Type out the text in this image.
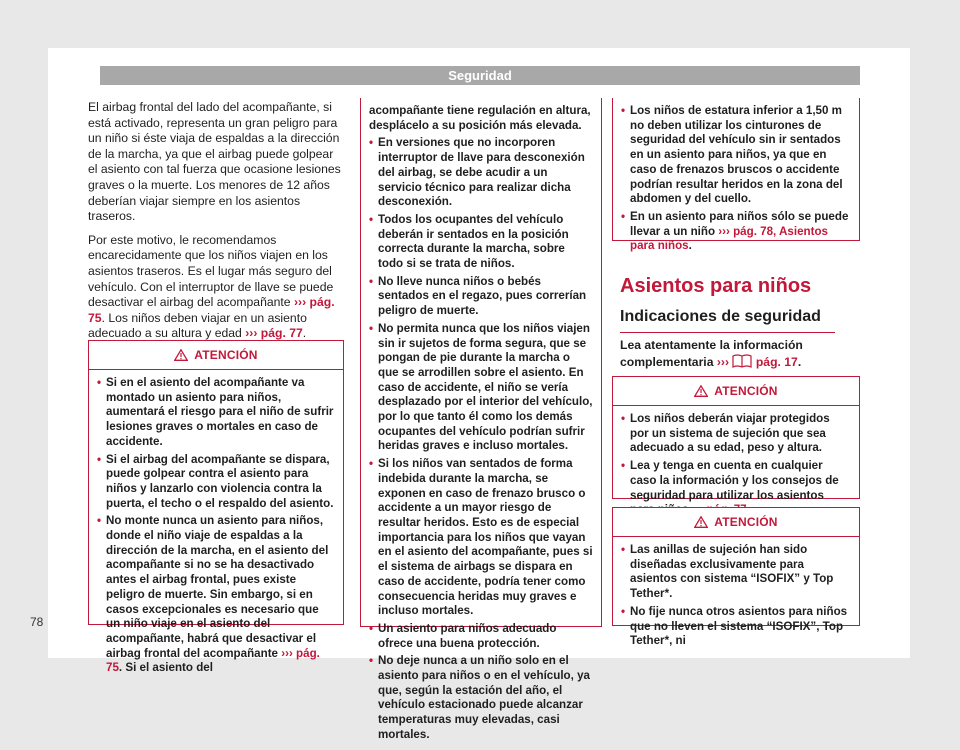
Seguridad

El airbag frontal del lado del acompañante, si está activado, representa un gran peligro para un niño si éste viaja de espaldas a la dirección de la marcha, ya que el airbag puede golpear el asiento con tal fuerza que ocasione lesiones graves o la muerte. Los menores de 12 años deberían viajar siempre en los asientos traseros.

Por este motivo, le recomendamos encarecidamente que los niños viajen en los asientos traseros. Es el lugar más seguro del vehículo. Con el interruptor de llave se puede desactivar el airbag del acompañante ››› pág. 75. Los niños deben viajar en un asiento adecuado a su altura y edad ››› pág. 77.

ATENCIÓN
• Si en el asiento del acompañante va montado un asiento para niños, aumentará el riesgo para el niño de sufrir lesiones graves o mortales en caso de accidente.
• Si el airbag del acompañante se dispara, puede golpear contra el asiento para niños y lanzarlo con violencia contra la puerta, el techo o el respaldo del asiento.
• No monte nunca un asiento para niños, donde el niño viaje de espaldas a la dirección de la marcha, en el asiento del acompañante si no se ha desactivado antes el airbag frontal, pues existe peligro de muerte. Sin embargo, si en casos excepcionales es necesario que un niño viaje en el asiento del acompañante, habrá que desactivar el airbag frontal del acompañante ››› pág. 75. Si el asiento del
acompañante tiene regulación en altura, desplácelo a su posición más elevada.
• En versiones que no incorporen interruptor de llave para desconexión del airbag, se debe acudir a un servicio técnico para realizar dicha desconexión.
• Todos los ocupantes del vehículo deberán ir sentados en la posición correcta durante la marcha, sobre todo si se trata de niños.
• No lleve nunca niños o bebés sentados en el regazo, pues correrían peligro de muerte.
• No permita nunca que los niños viajen sin ir sujetos de forma segura, que se pongan de pie durante la marcha o que se arrodillen sobre el asiento. En caso de accidente, el niño se vería desplazado por el interior del vehículo, por lo que tanto él como los demás ocupantes del vehículo podrían sufrir heridas graves e incluso mortales.
• Si los niños van sentados de forma indebida durante la marcha, se exponen en caso de frenazo brusco o accidente a un mayor riesgo de resultar heridos. Esto es de especial importancia para los niños que vayan en el asiento del acompañante, pues si el sistema de airbags se dispara en caso de accidente, podría tener como consecuencia heridas muy graves e incluso mortales.
• Un asiento para niños adecuado ofrece una buena protección.
• No deje nunca a un niño solo en el asiento para niños o en el vehículo, ya que, según la estación del año, el vehículo estacionado puede alcanzar temperaturas muy elevadas, casi mortales.
• Los niños de estatura inferior a 1,50 m no deben utilizar los cinturones de seguridad del vehículo sin ir sentados en un asiento para niños, ya que en caso de frenazos bruscos o accidente podrían resultar heridos en la zona del abdomen y del cuello.
• En un asiento para niños sólo se puede llevar a un niño ››› pág. 78, Asientos para niños.
Asientos para niños
Indicaciones de seguridad
Lea atentamente la información complementaria ››› pág. 17.
ATENCIÓN
• Los niños deberán viajar protegidos por un sistema de sujeción que sea adecuado a su edad, peso y altura.
• Lea y tenga en cuenta en cualquier caso la información y los consejos de seguridad para utilizar los asientos
ATENCIÓN
• Las anillas de sujeción han sido diseñadas exclusivamente para asientos con sistema “ISOFIX” y Top Tether*.
• No fije nunca otros asientos para niños que no lleven el sistema “ISOFIX”, Top Tether*, ni
78
